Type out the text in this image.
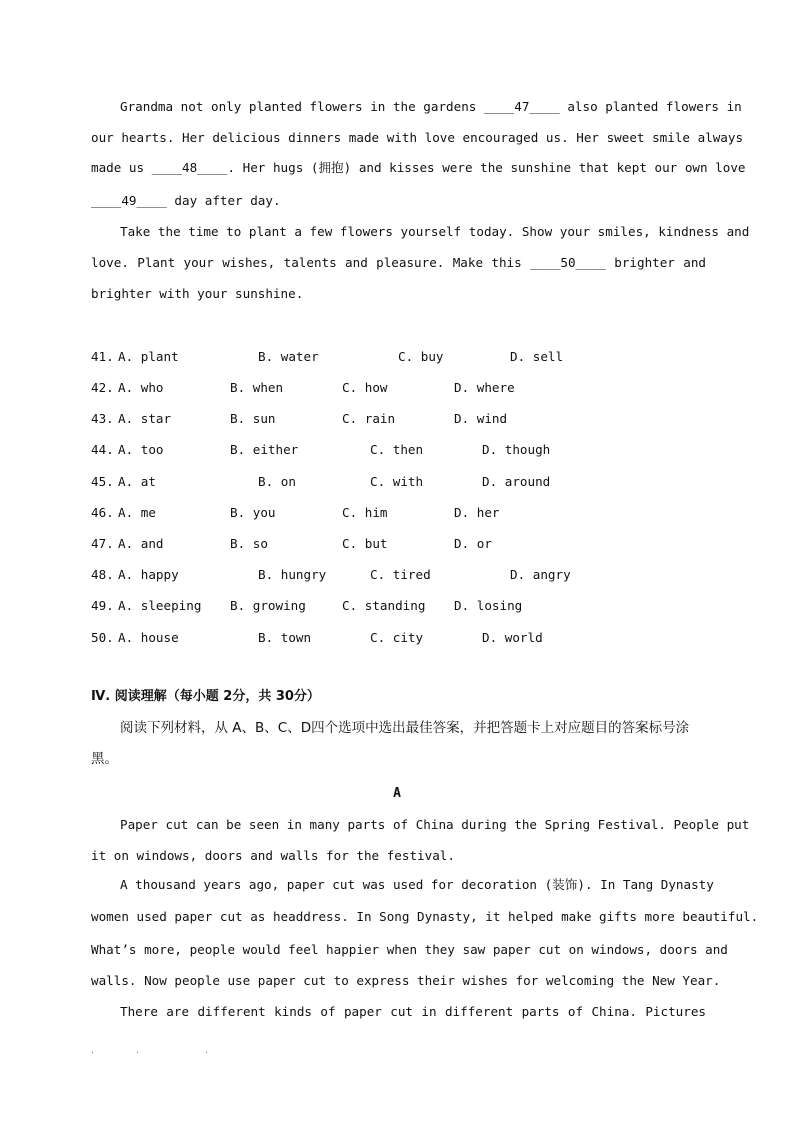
Grandma not only planted flowers in the gardens ____47____ also planted flowers in
our hearts. Her delicious dinners made with love encouraged us. Her sweet smile always
made us ____48____. Her hugs (拥抱) and kisses were the sunshine that kept our own love
____49____ day after day.
Take the time to plant a few flowers yourself today. Show your smiles, kindness and
love. Plant your wishes, talents and pleasure. Make this ____50____ brighter and
brighter with your sunshine.
41. A. plant	B. water	C. buy	D. sell
42. A. who	B. when	C. how	D. where
43. A. star	B. sun	C. rain	D. wind
44. A. too	B. either	C. then	D. though
45. A. at	B. on	C. with	D. around
46. A. me	B. you	C. him	D. her
47. A. and	B. so	C. but	D. or
48. A. happy	B. hungry	C. tired	D. angry
49. A. sleeping B. growing	C. standing D. losing
50. A. house	B. town	C. city	D. world
Ⅳ. 阅读理解（每小题 2分，共 30分）
阅读下列材料，从 A、B、C、D四个选项中选出最佳答案，并把答题卡上对应题目的答案标号涂
黑。
A
Paper cut can be seen in many parts of China during the Spring Festival. People put
it on windows, doors and walls for the festival.
A thousand years ago, paper cut was used for decoration (装饰). In Tang Dynasty
women used paper cut as headdress. In Song Dynasty, it helped make gifts more beautiful.
What’s more, people would feel happier when they saw paper cut on windows, doors and
walls. Now people use paper cut to express their wishes for welcoming the New Year.
There are different kinds of paper cut in different parts of China. Pictures
